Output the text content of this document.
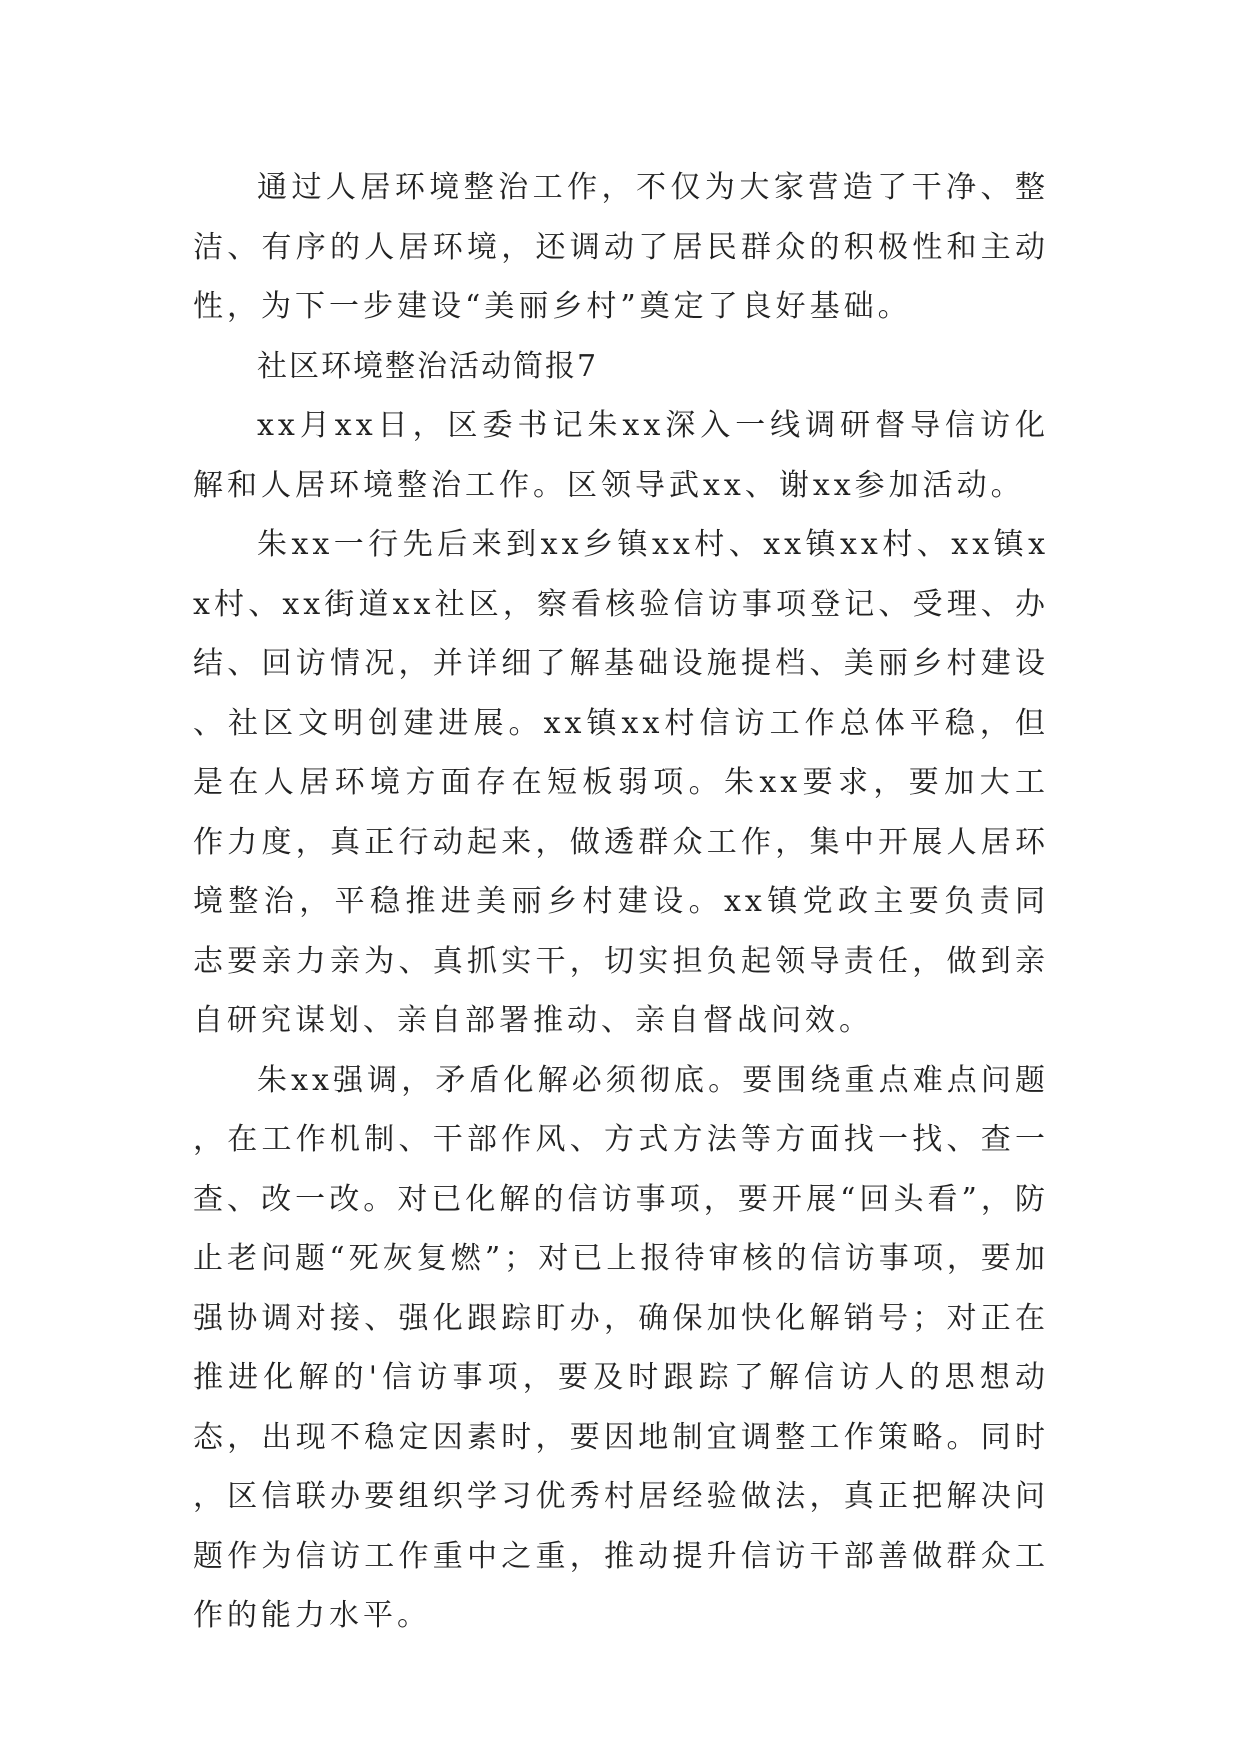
通过人居环境整治工作，不仅为大家营造了干净、整洁、有序的人居环境，还调动了居民群众的积极性和主动性，为下一步建设“美丽乡村”奠定了良好基础。

社区环境整治活动简报7

xx月xx日，区委书记朱xx深入一线调研督导信访化解和人居环境整治工作。区领导武xx、谢xx参加活动。

朱xx一行先后来到xx乡镇xx村、xx镇xx村、xx镇xx村、xx街道xx社区，察看核验信访事项登记、受理、办结、回访情况，并详细了解基础设施提档、美丽乡村建设、社区文明创建进展。xx镇xx村信访工作总体平稳，但是在人居环境方面存在短板弱项。朱xx要求，要加大工作力度，真正行动起来，做透群众工作，集中开展人居环境整治，平稳推进美丽乡村建设。xx镇党政主要负责同志要亲力亲为、真抓实干，切实担负起领导责任，做到亲自研究谋划、亲自部署推动、亲自督战问效。

朱xx强调，矛盾化解必须彻底。要围绕重点难点问题，在工作机制、干部作风、方式方法等方面找一找、查一查、改一改。对已化解的信访事项，要开展“回头看”，防止老问题“死灰复燃”；对已上报待审核的信访事项，要加强协调对接、强化跟踪盯办，确保加快化解销号；对正在推进化解的'信访事项，要及时跟踪了解信访人的思想动态，出现不稳定因素时，要因地制宜调整工作策略。同时，区信联办要组织学习优秀村居经验做法，真正把解决问题作为信访工作重中之重，推动提升信访干部善做群众工作的能力水平。
